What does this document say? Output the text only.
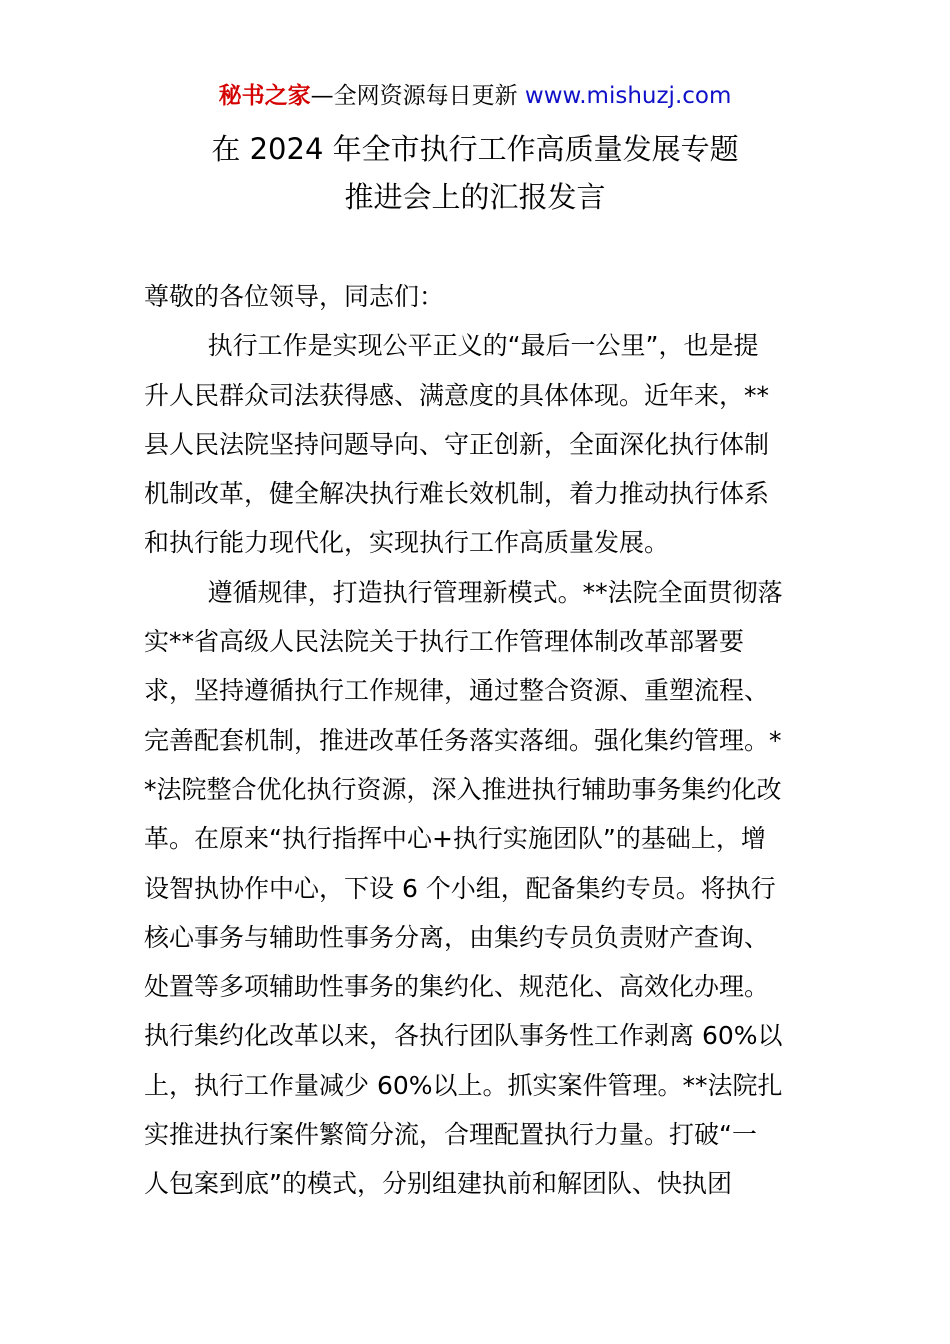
秘书之家—全网资源每日更新 www.mishuzj.com
在 2024 年全市执行工作高质量发展专题
推进会上的汇报发言
尊敬的各位领导，同志们：
执行工作是实现公平正义的“最后一公里”，也是提
升人民群众司法获得感、满意度的具体体现。近年来，**
县人民法院坚持问题导向、守正创新，全面深化执行体制
机制改革，健全解决执行难长效机制，着力推动执行体系
和执行能力现代化，实现执行工作高质量发展。
遵循规律，打造执行管理新模式。**法院全面贯彻落
实**省高级人民法院关于执行工作管理体制改革部署要
求，坚持遵循执行工作规律，通过整合资源、重塑流程、
完善配套机制，推进改革任务落实落细。强化集约管理。*
*法院整合优化执行资源，深入推进执行辅助事务集约化改
革。在原来“执行指挥中心+执行实施团队”的基础上，增
设智执协作中心，下设 6 个小组，配备集约专员。将执行
核心事务与辅助性事务分离，由集约专员负责财产查询、
处置等多项辅助性事务的集约化、规范化、高效化办理。
执行集约化改革以来，各执行团队事务性工作剥离 60%以
上，执行工作量减少 60%以上。抓实案件管理。**法院扎
实推进执行案件繁简分流，合理配置执行力量。打破“一
人包案到底”的模式，分别组建执前和解团队、快执团
